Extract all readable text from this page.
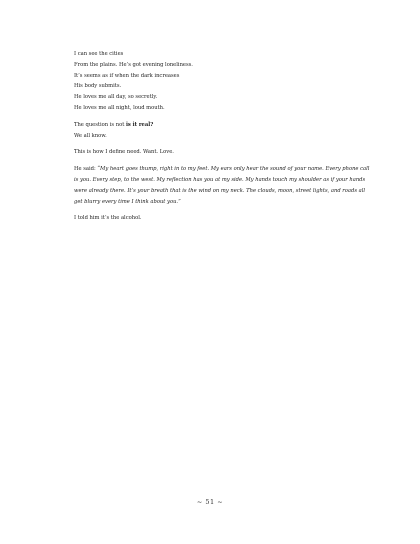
I can see the cities

From the plains. He’s got evening loneliness.

It’s seems as if when the dark increases

His body submits.

He loves me all day, so secretly.

He loves me all night, loud mouth.

The question is not is it real?

We all know.

This is how I define need. Want. Love.

He said: “My heart goes thump, right in to my feet. My ears only hear the sound of your name. Every phone call is you. Every step, to the west. My reflection has you at my side. My hands touch my shoulder as if your hands were already there. It’s your breath that is the wind on my neck. The clouds, moon, street lights, and roads all get blurry every time I think about you.”

I told him it’s the alcohol.

~ 51 ~
